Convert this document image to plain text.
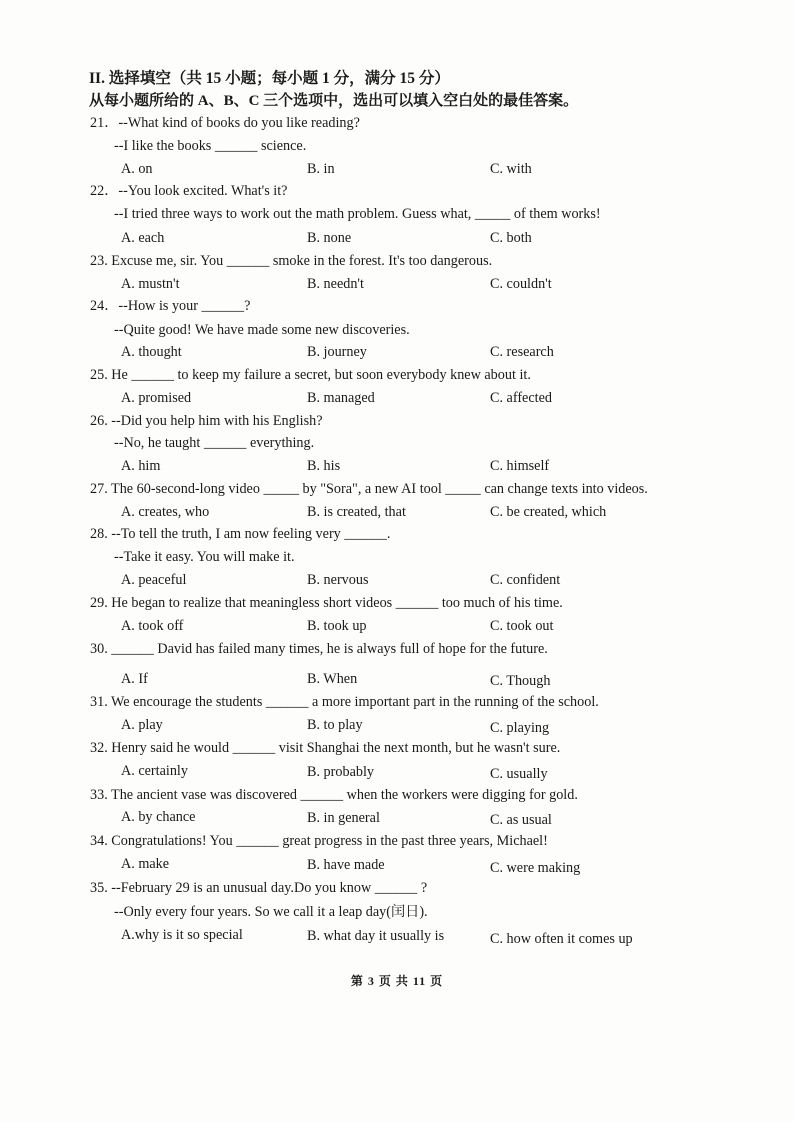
II. 选择填空（共 15 小题；每小题 1 分，满分 15 分）
从每小题所给的 A、B、C 三个选项中，选出可以填入空白处的最佳答案。
21．--What kind of books do you like reading?
--I like the books ______ science.
A. on	B. in	C. with
22．--You look excited. What's it?
--I tried three ways to work out the math problem. Guess what, _____ of them works!
A. each	B. none	C. both
23. Excuse me, sir. You ______ smoke in the forest. It's too dangerous.
A. mustn't	B. needn't	C. couldn't
24．--How is your ______?
--Quite good! We have made some new discoveries.
A. thought	B. journey	C. research
25. He ______ to keep my failure a secret, but soon everybody knew about it.
A. promised	B. managed	C. affected
26. --Did you help him with his English?
--No, he taught ______ everything.
A. him	B. his	C. himself
27. The 60-second-long video _____ by "Sora", a new AI tool _____ can change texts into videos.
A. creates, who	B. is created, that	C. be created, which
28. --To tell the truth, I am now feeling very ______.
--Take it easy. You will make it.
A. peaceful	B. nervous	C. confident
29. He began to realize that meaningless short videos ______ too much of his time.
A. took off	B. took up	C. took out
30. ______ David has failed many times, he is always full of hope for the future.
A. If	B. When	C. Though
31. We encourage the students ______ a more important part in the running of the school.
A. play	B. to play	C. playing
32. Henry said he would ______ visit Shanghai the next month, but he wasn't sure.
A. certainly	B. probably	C. usually
33. The ancient vase was discovered ______ when the workers were digging for gold.
A. by chance	B. in general	C. as usual
34. Congratulations! You ______ great progress in the past three years, Michael!
A. make	B. have made	C. were making
35. --February 29 is an unusual day.Do you know ______ ?
--Only every four years. So we call it a leap day(闰日).
A.why is it so special	B. what day it usually is	C. how often it comes up
第 3 页 共 11 页
